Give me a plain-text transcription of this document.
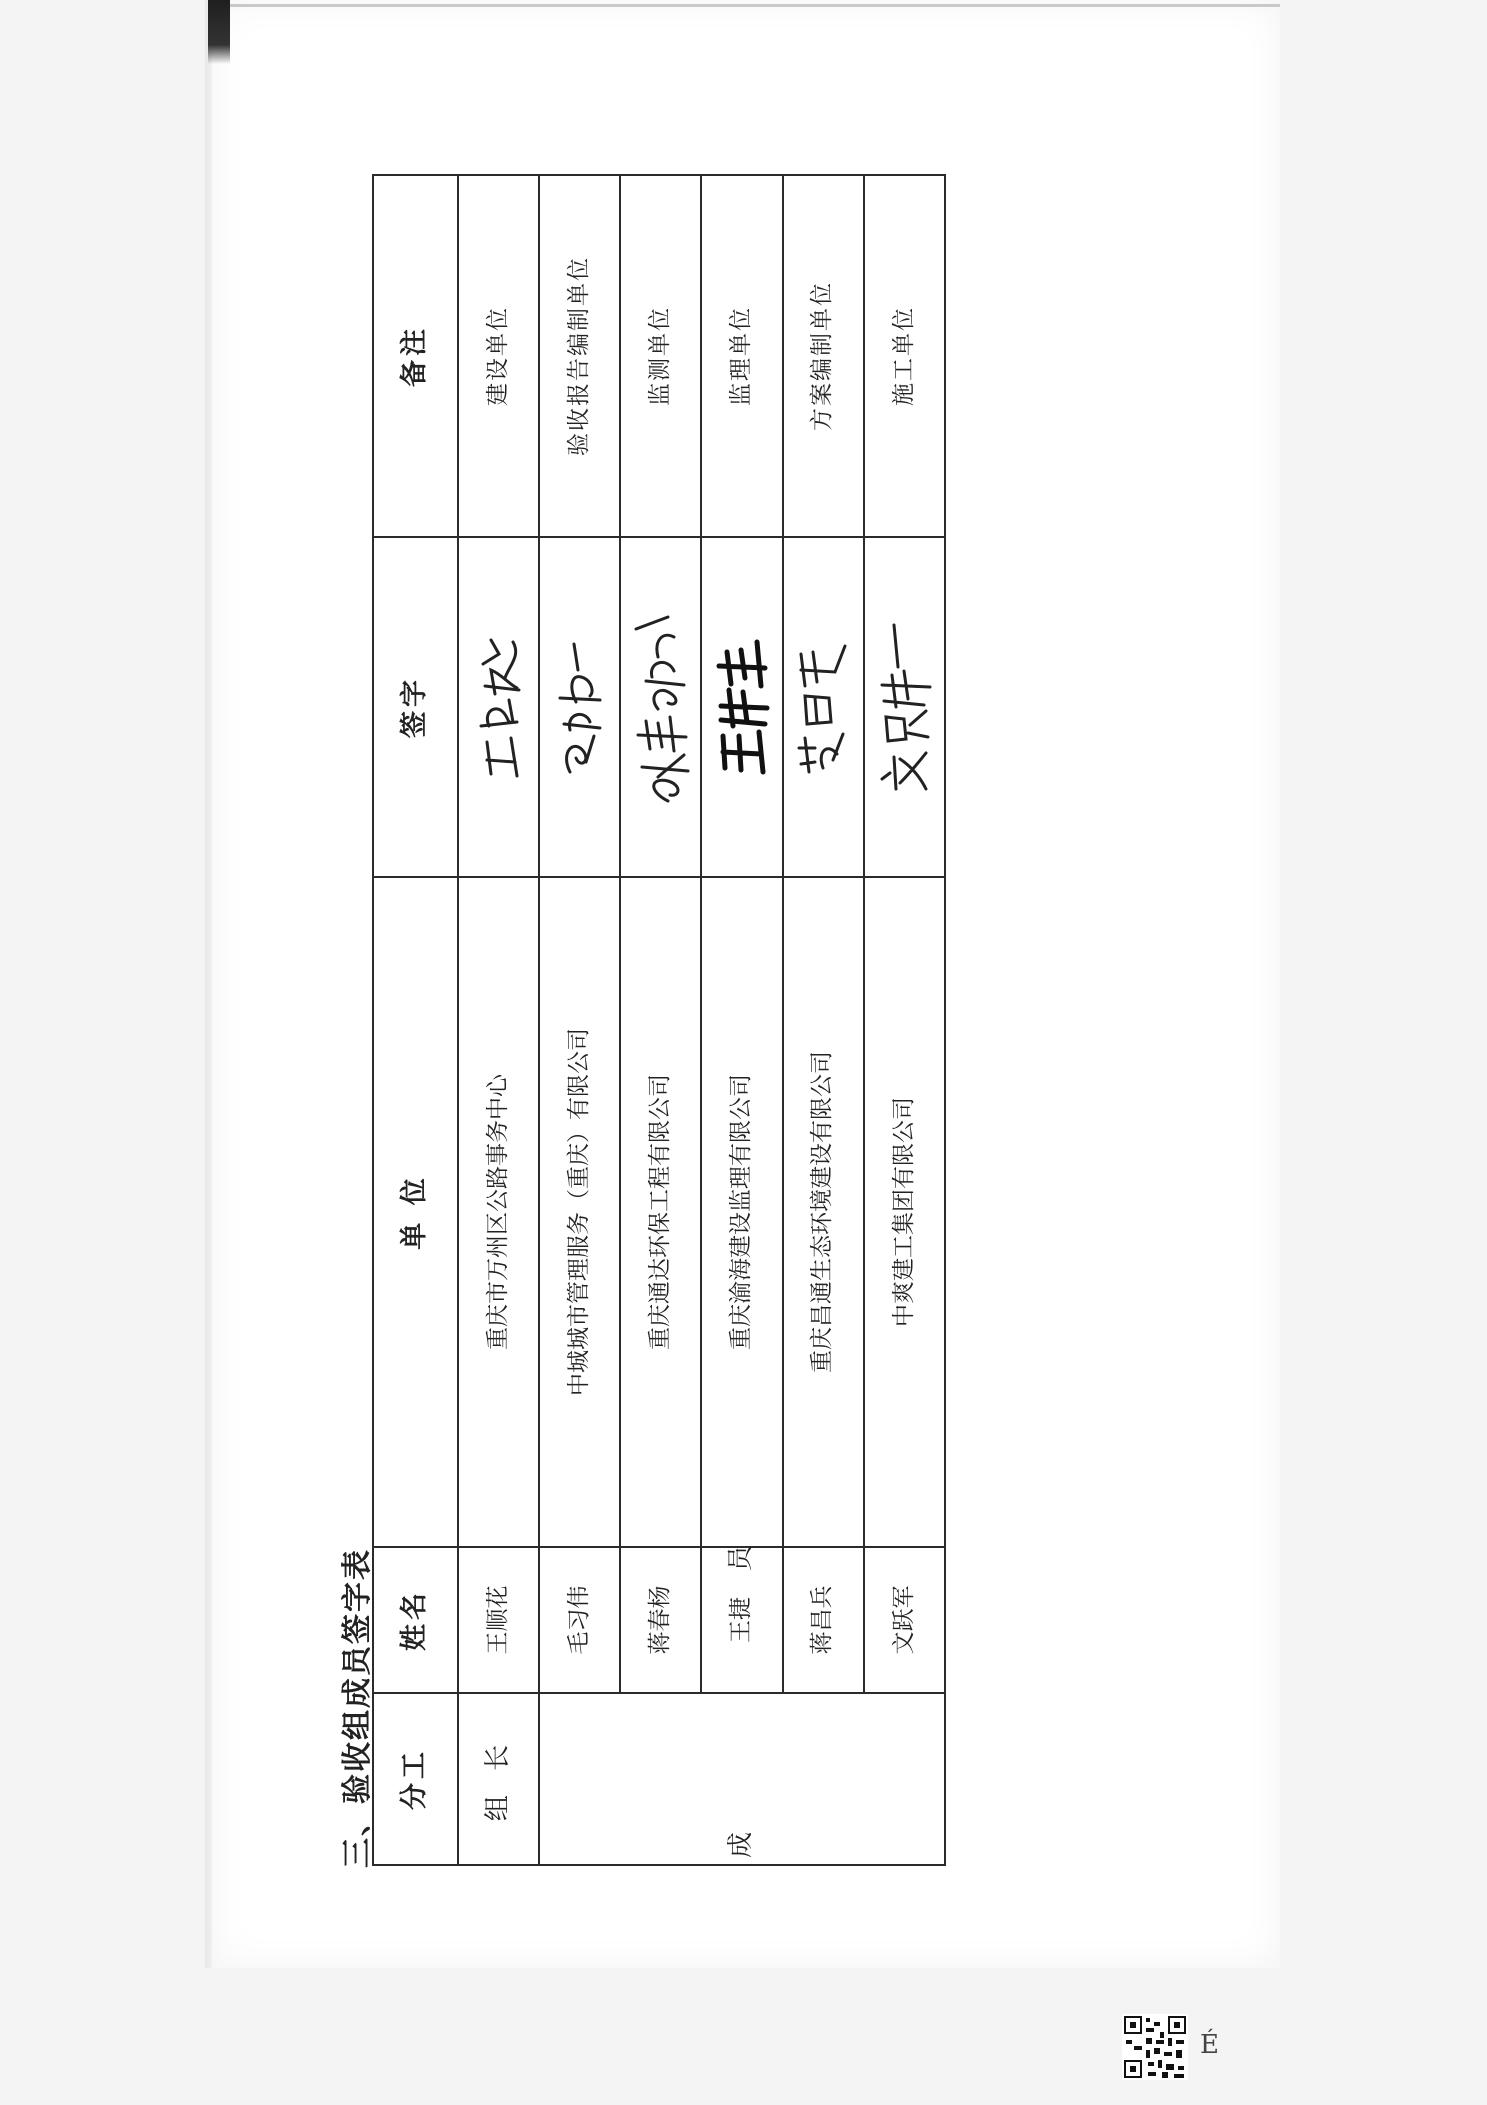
三、验收组成员签字表 分工	姓名	单 位	签字	备注
组 长	王顺花	重庆市万州区公路事务中心		建设单位
成  员	毛习伟	中城城市管理服务（重庆）有限公司		验收报告编制单位
	蒋春杨	重庆通达环保工程有限公司		监测单位
	王捷	重庆渝海建设监理有限公司		监理单位
	蒋昌兵	重庆昌通生态环境建设有限公司		方案编制单位
	文跃军	中爽建工集团有限公司		施工单位
É
